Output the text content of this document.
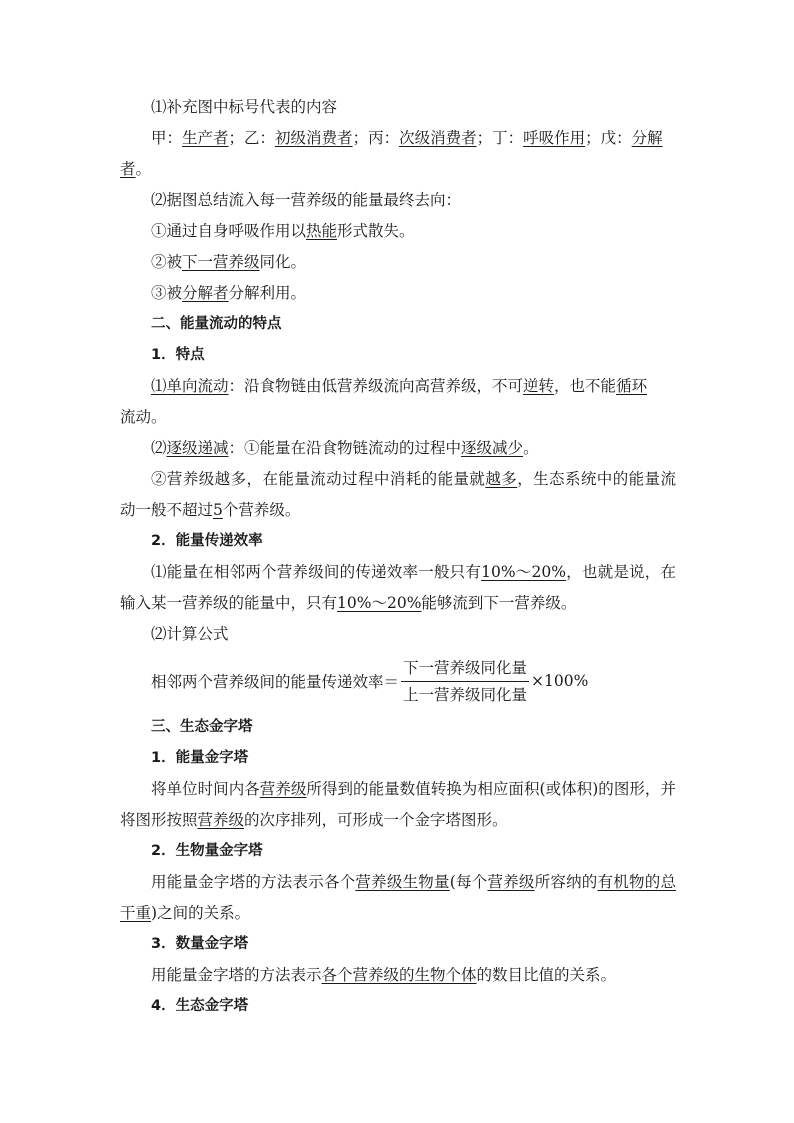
⑴补充图中标号代表的内容

甲：生产者；乙：初级消费者；丙：次级消费者；丁：呼吸作用；戊：分解
者。

⑵据图总结流入每一营养级的能量最终去向：

①通过自身呼吸作用以热能形式散失。

②被下一营养级同化。

③被分解者分解利用。

二、能量流动的特点

1．特点

⑴单向流动：沿食物链由低营养级流向高营养级，不可逆转，也不能循环
流动。

⑵逐级递减：①能量在沿食物链流动的过程中逐级减少。

②营养级越多，在能量流动过程中消耗的能量就越多，生态系统中的能量流动一般不超过5个营养级。

2．能量传递效率

⑴能量在相邻两个营养级间的传递效率一般只有10%～20%，也就是说，在输入某一营养级的能量中，只有10%～20%能够流到下一营养级。

⑵计算公式

相邻两个营养级间的能量传递效率＝ $\frac{\text{下一营养级同化量}}{\text{上一营养级同化量}} \times 100\%$

三、生态金字塔

1．能量金字塔

将单位时间内各营养级所得到的能量数值转换为相应面积(或体积)的图形，并将图形按照营养级的次序排列，可形成一个金字塔图形。

2．生物量金字塔

用能量金字塔的方法表示各个营养级生物量(每个营养级所容纳的有机物的总干重)之间的关系。

3．数量金字塔

用能量金字塔的方法表示各个营养级的生物个体的数目比值的关系。

4．生态金字塔
